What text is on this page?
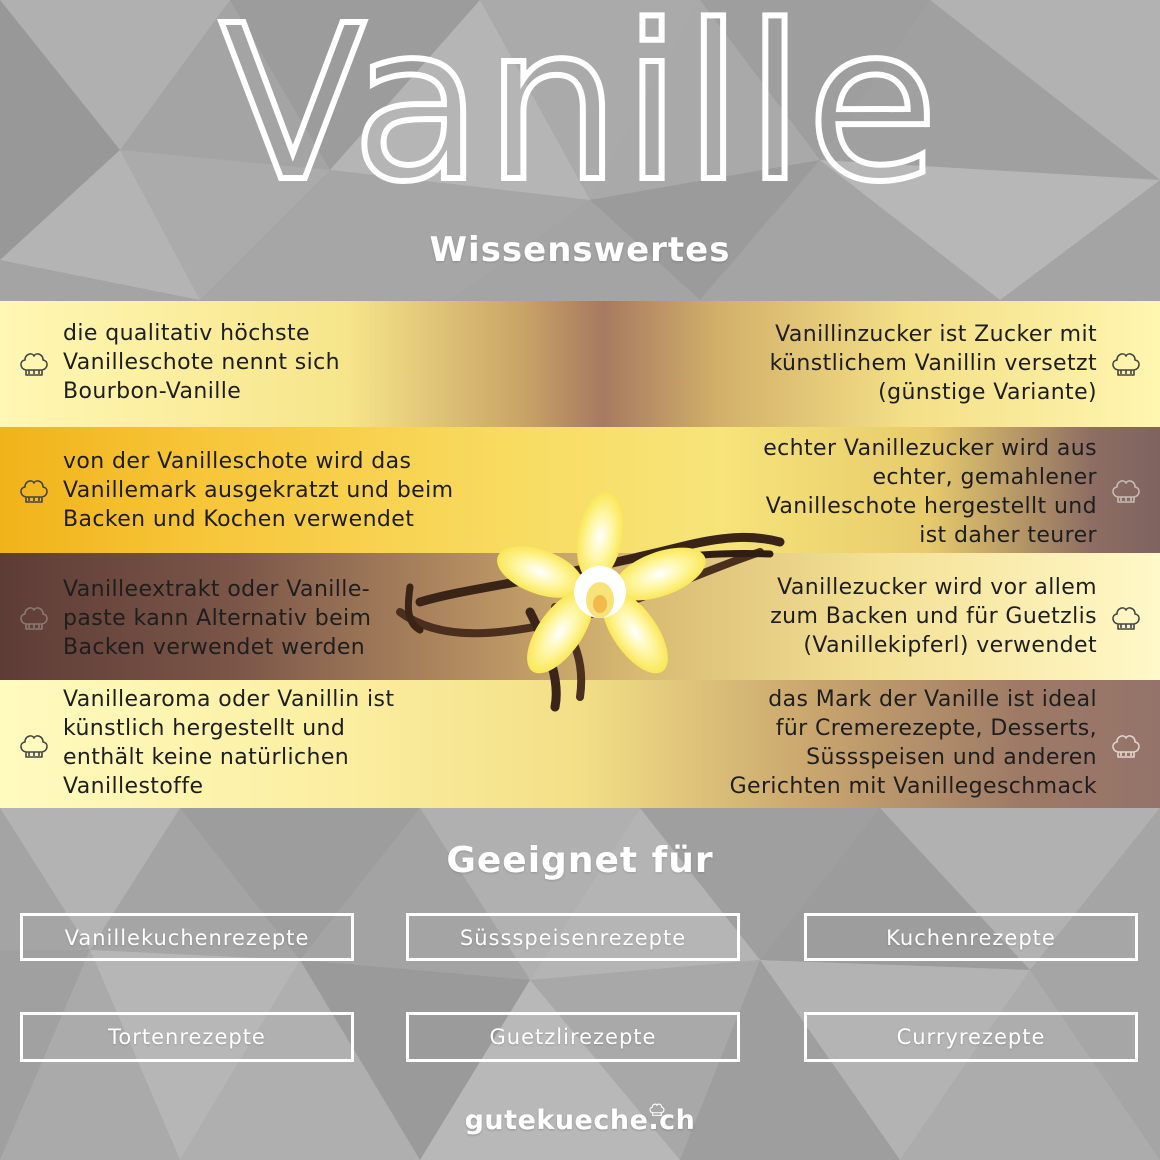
Vanille
Wissenswertes
die qualitativ höchste
Vanilleschote nennt sich
Bourbon-Vanille
von der Vanilleschote wird das
Vanillemark ausgekratzt und beim
Backen und Kochen verwendet
Vanilleextrakt oder Vanille-
paste kann Alternativ beim
Backen verwendet werden
Vanillearoma oder Vanillin ist
künstlich hergestellt und
enthält keine natürlichen
Vanillestoffe
Vanillinzucker ist Zucker mit
künstlichem Vanillin versetzt
(günstige Variante)
echter Vanillezucker wird aus
echter, gemahlener
Vanilleschote hergestellt und
ist daher teurer
Vanillezucker wird vor allem
zum Backen und für Guetzlis
(Vanillekipferl) verwendet
das Mark der Vanille ist ideal
für Cremerezepte, Desserts,
Süssspeisen und anderen
Gerichten mit Vanillegeschmack
Geeignet für
Vanillekuchenrezepte	Süssspeisenrezepte	Kuchenrezepte
Tortenrezepte	Guetzlirezepte	Curryrezepte
gutekueche.ch
